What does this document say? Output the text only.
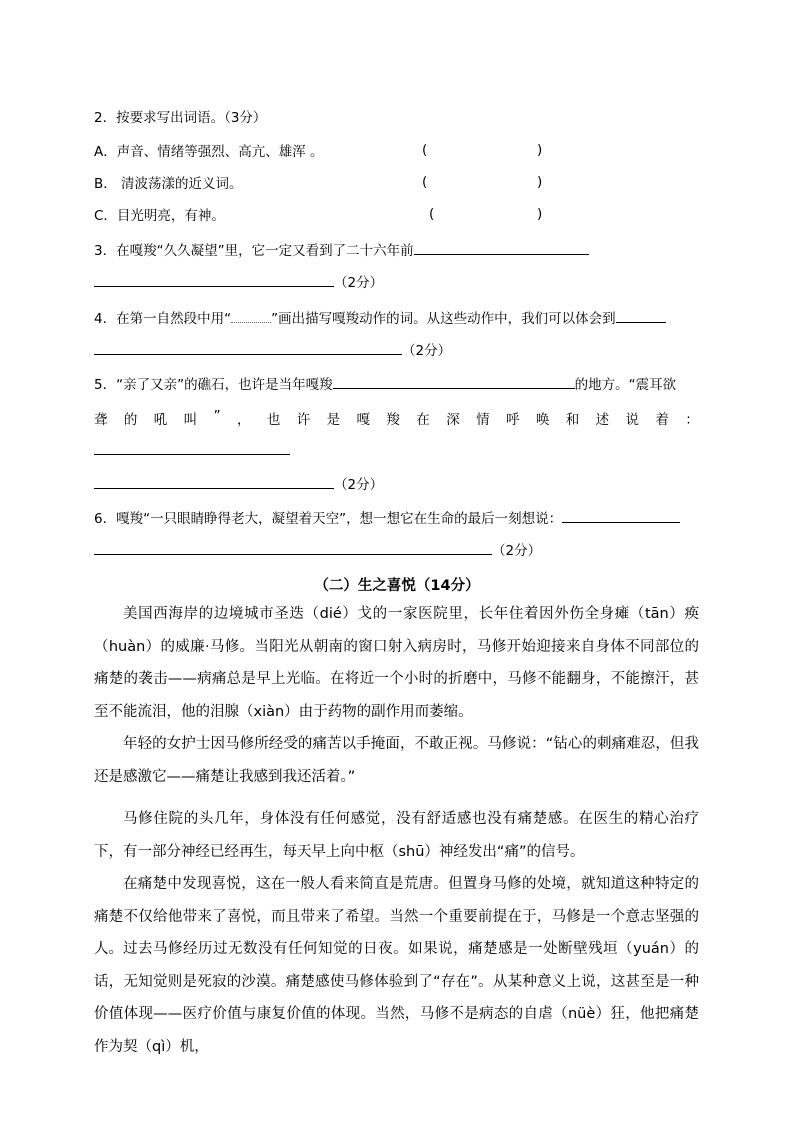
2．按要求写出词语。（3分）
A．声音、情绪等强烈、高亢、雄浑 。	(	)
B． 清波荡漾的近义词。	(	)
C．目光明亮，有神。	(	)
3．在嘎羧“久久凝望”里，它一定又看到了二十六年前
（2分）
4．在第一自然段中用“	”画出描写嘎羧动作的词。从这些动作中，我们可以体会到
（2分）
5．“亲了又亲”的礁石，也许是当年嘎羧	的地方。“震耳欲
聋 的 吼 叫 ” ， 也 许 是 嘎 羧 在 深 情 呼 唤 和 述 说 着 ：
（2分）
6．嘎羧“一只眼睛睁得老大，凝望着天空”，想一想它在生命的最后一刻想说：
（2分）
（二）生之喜悦（14分）
美国西海岸的边境城市圣迭（dié）戈的一家医院里，长年住着因外伤全身瘫（tān）痪（huàn）的威廉·马修。当阳光从朝南的窗口射入病房时，马修开始迎接来自身体不同部位的痛楚的袭击——病痛总是早上光临。在将近一个小时的折磨中，马修不能翻身，不能擦汗，甚至不能流泪，他的泪腺（xiàn）由于药物的副作用而萎缩。
年轻的女护士因马修所经受的痛苦以手掩面，不敢正视。马修说：“钻心的刺痛难忍，但我还是感激它——痛楚让我感到我还活着。”
马修住院的头几年，身体没有任何感觉，没有舒适感也没有痛楚感。在医生的精心治疗下，有一部分神经已经再生，每天早上向中枢（shū）神经发出“痛”的信号。
在痛楚中发现喜悦，这在一般人看来简直是荒唐。但置身马修的处境，就知道这种特定的痛楚不仅给他带来了喜悦，而且带来了希望。当然一个重要前提在于，马修是一个意志坚强的人。 过去马修经历过无数没有任何知觉的日夜。如果说，痛楚感是一处断壁残垣（yuán）的话，无知觉则是死寂的沙漠。痛楚感使马修体验到了“存在”。从某种意义上说，这甚至是一种价值体现——医疗价值与康复价值的体现。当然，马修不是病态的自虐（nüè）狂，他把痛楚作为契（qì）机，
